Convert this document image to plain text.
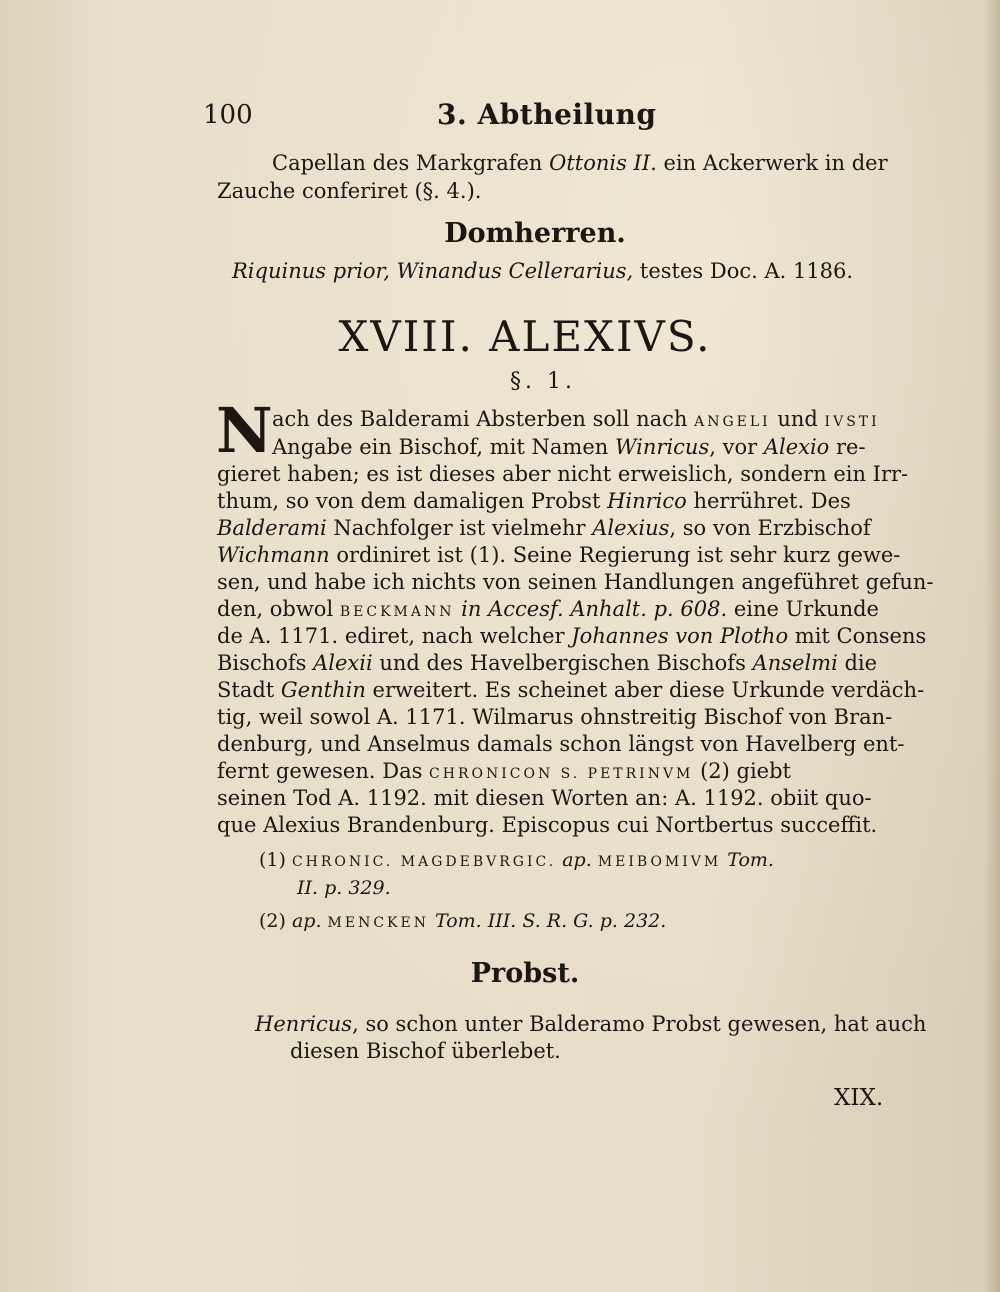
100	3. Abtheilung
Capellan des Markgrafen Ottonis II. ein Ackerwerk in der
Zauche conferiret (§. 4.).
Domherren.
Riquinus prior, Winandus Cellerarius, testes Doc. A. 1186.
XVIII. ALEXIVS.
§. 1.
N ach des Balderami Absterben soll nach ANGELI und IVSTI
Angabe ein Bischof, mit Namen Winricus, vor Alexio re-
gieret haben; es ist dieses aber nicht erweislich, sondern ein Irr-
thum, so von dem damaligen Probst Hinrico herrühret. Des
Balderami Nachfolger ist vielmehr Alexius, so von Erzbischof
Wichmann ordiniret ist (1). Seine Regierung ist sehr kurz gewe-
sen, und habe ich nichts von seinen Handlungen angeführet gefun-
den, obwol BECKMANN in Accesf. Anhalt. p. 608. eine Urkunde
de A. 1171. ediret, nach welcher Johannes von Plotho mit Consens
Bischofs Alexii und des Havelbergischen Bischofs Anselmi die
Stadt Genthin erweitert. Es scheinet aber diese Urkunde verdäch-
tig, weil sowol A. 1171. Wilmarus ohnstreitig Bischof von Bran-
denburg, und Anselmus damals schon längst von Havelberg ent-
fernt gewesen. Das CHRONICON S. PETRINVM (2) giebt
seinen Tod A. 1192. mit diesen Worten an: A. 1192. obiit quo-
que Alexius Brandenburg. Episcopus cui Nortbertus succeffit.
(1) CHRONIC. MAGDEBVRGIC. ap. MEIBOMIVM Tom.
II. p. 329.
(2) ap. MENCKEN Tom. III. S. R. G. p. 232.
Probst.
Henricus, so schon unter Balderamo Probst gewesen, hat auch
diesen Bischof überlebet.

XIX.
